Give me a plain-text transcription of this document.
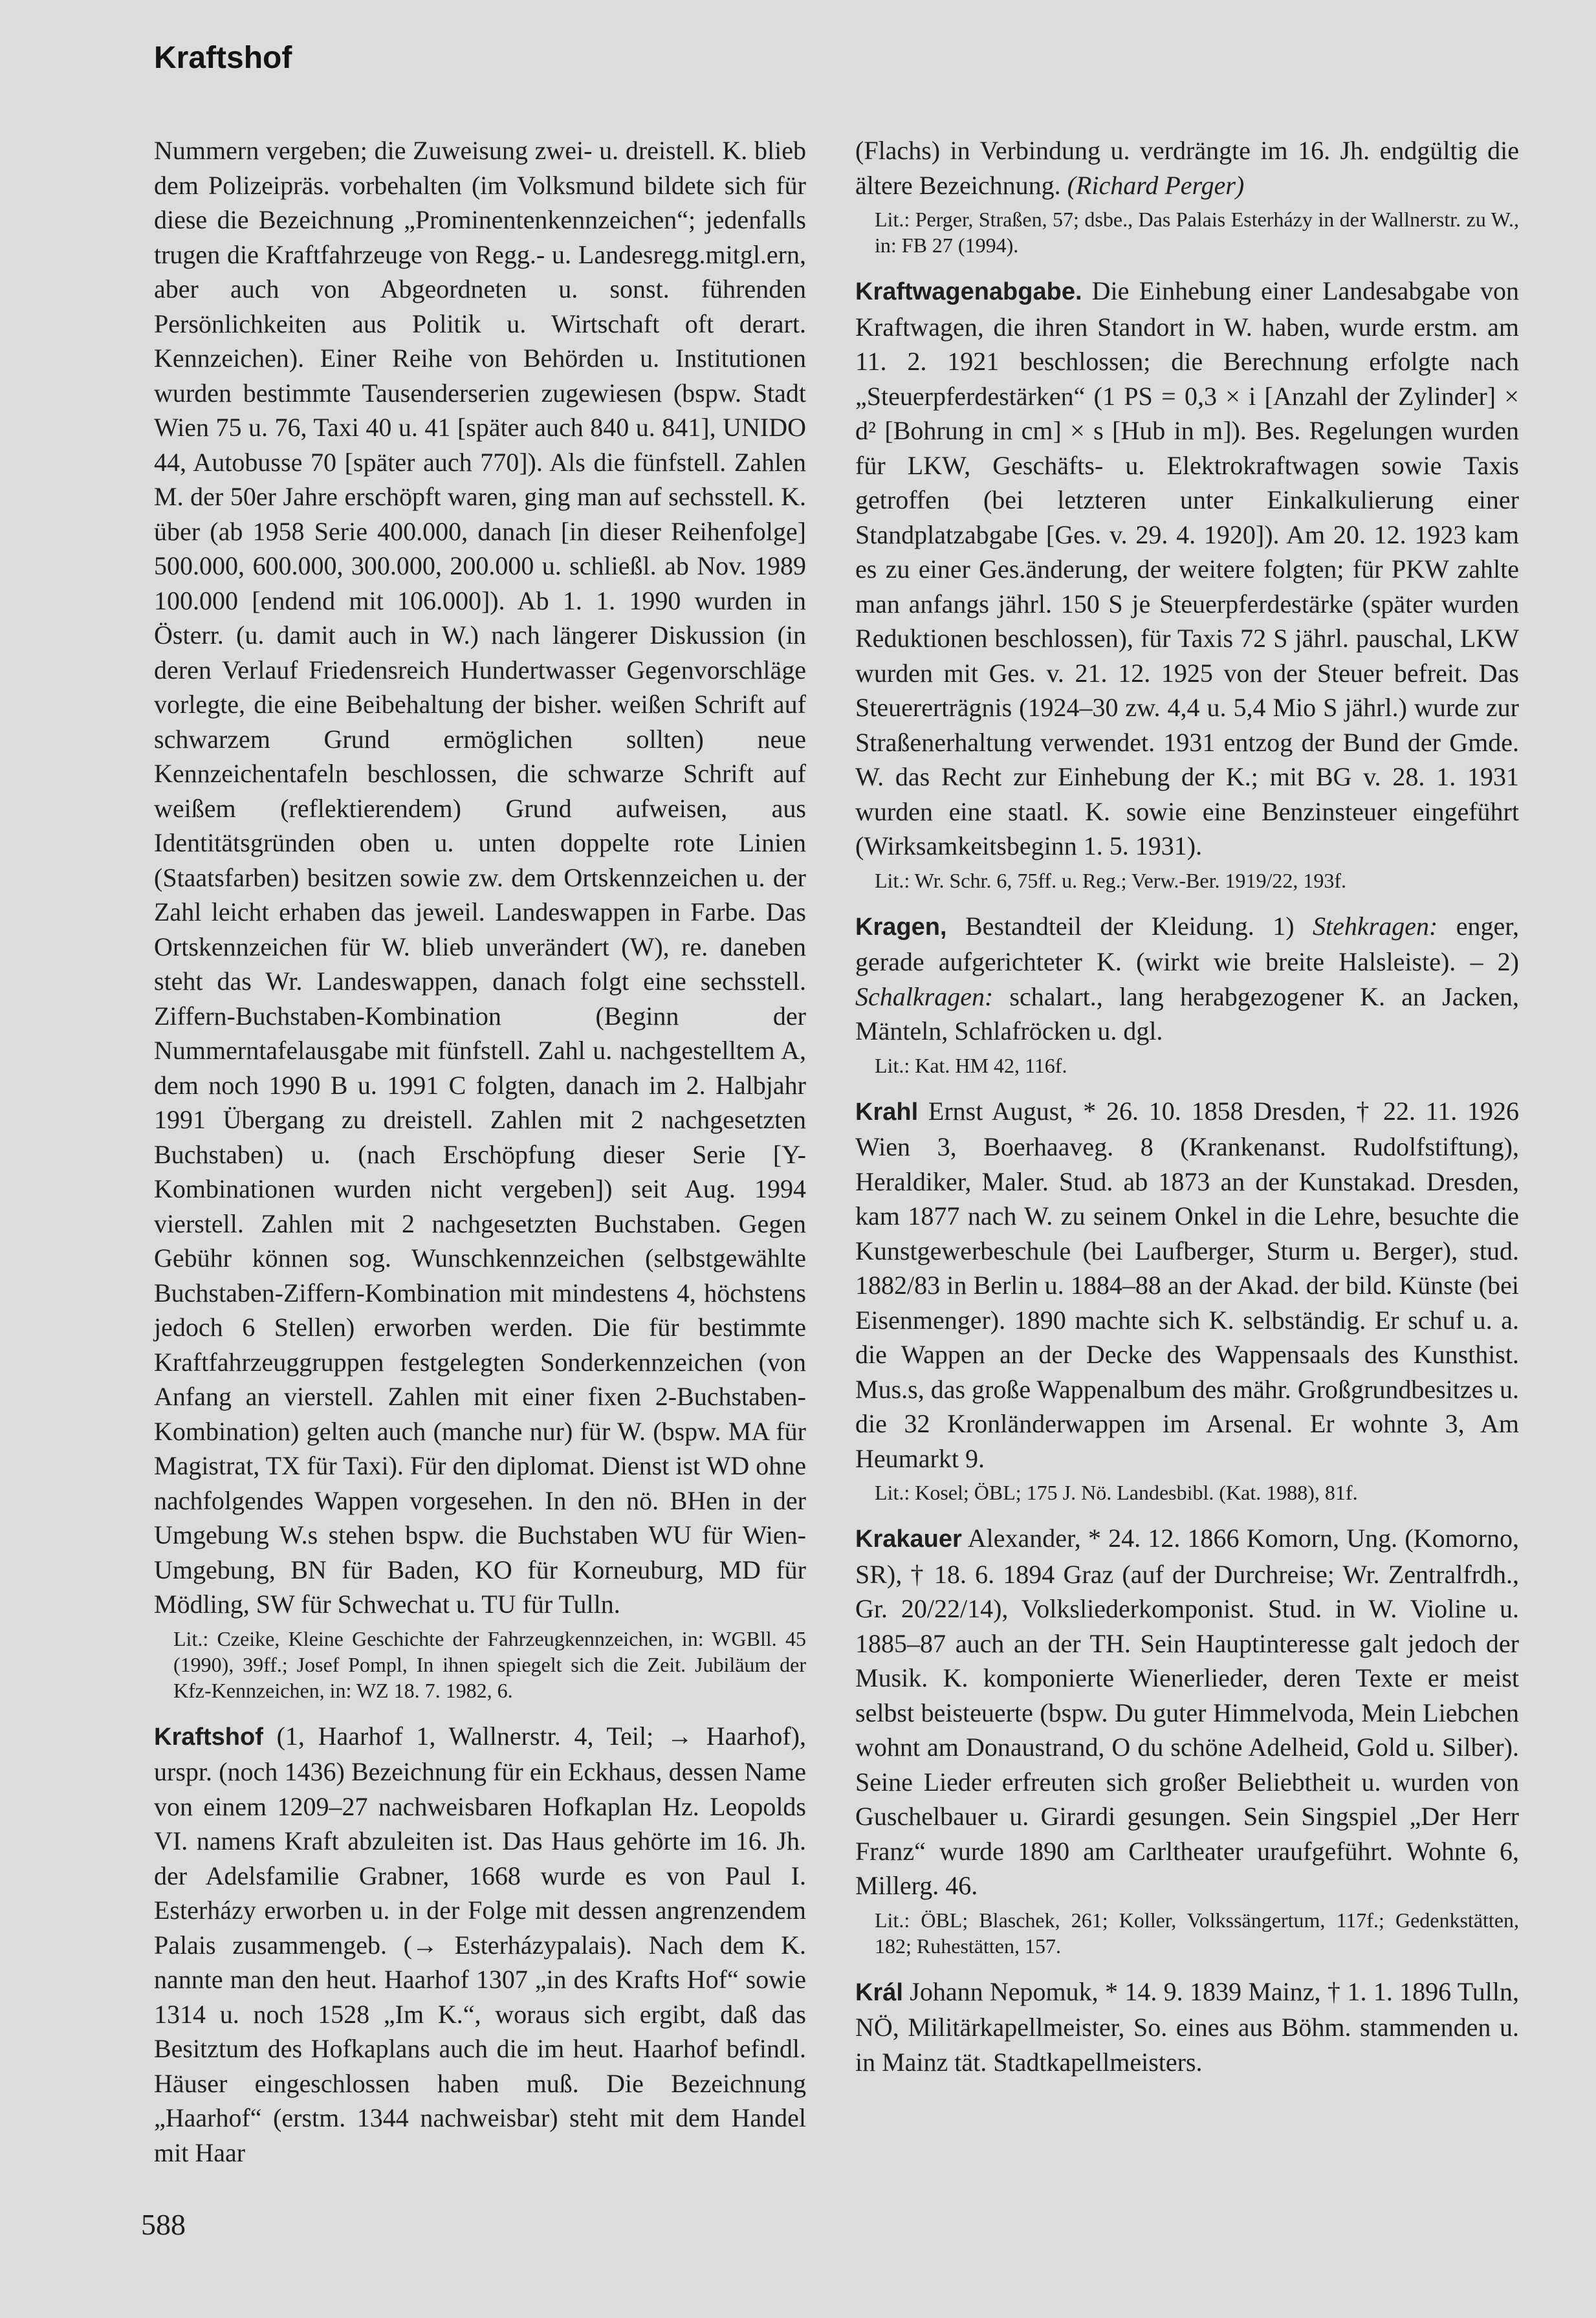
Kraftshof

Nummern vergeben; die Zuweisung zwei- u. dreistell. K. blieb dem Polizeipräs. vorbehalten (im Volksmund bildete sich für diese die Bezeichnung „Prominentenkennzeichen“; jedenfalls trugen die Kraftfahrzeuge von Regg.- u. Landesregg.mitgl.ern, aber auch von Abgeordneten u. sonst. führenden Persönlichkeiten aus Politik u. Wirtschaft oft derart. Kennzeichen). Einer Reihe von Behörden u. Institutionen wurden bestimmte Tausenderserien zugewiesen (bspw. Stadt Wien 75 u. 76, Taxi 40 u. 41 [später auch 840 u. 841], UNIDO 44, Autobusse 70 [später auch 770]). Als die fünfstell. Zahlen M. der 50er Jahre erschöpft waren, ging man auf sechsstell. K. über (ab 1958 Serie 400.000, danach [in dieser Reihenfolge] 500.000, 600.000, 300.000, 200.000 u. schließl. ab Nov. 1989 100.000 [endend mit 106.000]). Ab 1. 1. 1990 wurden in Österr. (u. damit auch in W.) nach längerer Diskussion (in deren Verlauf Friedensreich Hundertwasser Gegenvorschläge vorlegte, die eine Beibehaltung der bisher. weißen Schrift auf schwarzem Grund ermöglichen sollten) neue Kennzeichentafeln beschlossen, die schwarze Schrift auf weißem (reflektierendem) Grund aufweisen, aus Identitätsgründen oben u. unten doppelte rote Linien (Staatsfarben) besitzen sowie zw. dem Ortskennzeichen u. der Zahl leicht erhaben das jeweil. Landeswappen in Farbe. Das Ortskennzeichen für W. blieb unverändert (W), re. daneben steht das Wr. Landeswappen, danach folgt eine sechsstell. Ziffern-Buchstaben-Kombination (Beginn der Nummerntafelausgabe mit fünfstell. Zahl u. nachgestelltem A, dem noch 1990 B u. 1991 C folgten, danach im 2. Halbjahr 1991 Übergang zu dreistell. Zahlen mit 2 nachgesetzten Buchstaben) u. (nach Erschöpfung dieser Serie [Y-Kombinationen wurden nicht vergeben]) seit Aug. 1994 vierstell. Zahlen mit 2 nachgesetzten Buchstaben. Gegen Gebühr können sog. Wunschkennzeichen (selbstgewählte Buchstaben-Ziffern-Kombination mit mindestens 4, höchstens jedoch 6 Stellen) erworben werden. Die für bestimmte Kraftfahrzeuggruppen festgelegten Sonderkennzeichen (von Anfang an vierstell. Zahlen mit einer fixen 2-Buchstaben-Kombination) gelten auch (manche nur) für W. (bspw. MA für Magistrat, TX für Taxi). Für den diplomat. Dienst ist WD ohne nachfolgendes Wappen vorgesehen. In den nö. BHen in der Umgebung W.s stehen bspw. die Buchstaben WU für Wien-Umgebung, BN für Baden, KO für Korneuburg, MD für Mödling, SW für Schwechat u. TU für Tulln.

Lit.: Czeike, Kleine Geschichte der Fahrzeugkennzeichen, in: WGBll. 45 (1990), 39ff.; Josef Pompl, In ihnen spiegelt sich die Zeit. Jubiläum der Kfz-Kennzeichen, in: WZ 18. 7. 1982, 6.

Kraftshof (1, Haarhof 1, Wallnerstr. 4, Teil; → Haarhof), urspr. (noch 1436) Bezeichnung für ein Eckhaus, dessen Name von einem 1209–27 nachweisbaren Hofkaplan Hz. Leopolds VI. namens Kraft abzuleiten ist. Das Haus gehörte im 16. Jh. der Adelsfamilie Grabner, 1668 wurde es von Paul I. Esterházy erworben u. in der Folge mit dessen angrenzendem Palais zusammengeb. (→ Esterházypalais). Nach dem K. nannte man den heut. Haarhof 1307 „in des Krafts Hof“ sowie 1314 u. noch 1528 „Im K.“, woraus sich ergibt, daß das Besitztum des Hofkaplans auch die im heut. Haarhof befindl. Häuser eingeschlossen haben muß. Die Bezeichnung „Haarhof“ (erstm. 1344 nachweisbar) steht mit dem Handel mit Haar

(Flachs) in Verbindung u. verdrängte im 16. Jh. endgültig die ältere Bezeichnung. (Richard Perger)

Lit.: Perger, Straßen, 57; dsbe., Das Palais Esterházy in der Wallnerstr. zu W., in: FB 27 (1994).

Kraftwagenabgabe. Die Einhebung einer Landesabgabe von Kraftwagen, die ihren Standort in W. haben, wurde erstm. am 11. 2. 1921 beschlossen; die Berechnung erfolgte nach „Steuerpferdestärken“ (1 PS = 0,3 × i [Anzahl der Zylinder] × d² [Bohrung in cm] × s [Hub in m]). Bes. Regelungen wurden für LKW, Geschäfts- u. Elektrokraftwagen sowie Taxis getroffen (bei letzteren unter Einkalkulierung einer Standplatzabgabe [Ges. v. 29. 4. 1920]). Am 20. 12. 1923 kam es zu einer Ges.änderung, der weitere folgten; für PKW zahlte man anfangs jährl. 150 S je Steuerpferdestärke (später wurden Reduktionen beschlossen), für Taxis 72 S jährl. pauschal, LKW wurden mit Ges. v. 21. 12. 1925 von der Steuer befreit. Das Steuererträgnis (1924–30 zw. 4,4 u. 5,4 Mio S jährl.) wurde zur Straßenerhaltung verwendet. 1931 entzog der Bund der Gmde. W. das Recht zur Einhebung der K.; mit BG v. 28. 1. 1931 wurden eine staatl. K. sowie eine Benzinsteuer eingeführt (Wirksamkeitsbeginn 1. 5. 1931).

Lit.: Wr. Schr. 6, 75ff. u. Reg.; Verw.-Ber. 1919/22, 193f.

Kragen, Bestandteil der Kleidung. 1) Stehkragen: enger, gerade aufgerichteter K. (wirkt wie breite Halsleiste). – 2) Schalkragen: schalart., lang herabgezogener K. an Jacken, Mänteln, Schlafröcken u. dgl.

Lit.: Kat. HM 42, 116f.

Krahl Ernst August, * 26. 10. 1858 Dresden, † 22. 11. 1926 Wien 3, Boerhaaveg. 8 (Krankenanst. Rudolfstiftung), Heraldiker, Maler. Stud. ab 1873 an der Kunstakad. Dresden, kam 1877 nach W. zu seinem Onkel in die Lehre, besuchte die Kunstgewerbeschule (bei Laufberger, Sturm u. Berger), stud. 1882/83 in Berlin u. 1884–88 an der Akad. der bild. Künste (bei Eisenmenger). 1890 machte sich K. selbständig. Er schuf u. a. die Wappen an der Decke des Wappensaals des Kunsthist. Mus.s, das große Wappenalbum des mähr. Großgrundbesitzes u. die 32 Kronländerwappen im Arsenal. Er wohnte 3, Am Heumarkt 9.

Lit.: Kosel; ÖBL; 175 J. Nö. Landesbibl. (Kat. 1988), 81f.

Krakauer Alexander, * 24. 12. 1866 Komorn, Ung. (Komorno, SR), † 18. 6. 1894 Graz (auf der Durchreise; Wr. Zentralfrdh., Gr. 20/22/14), Volksliederkomponist. Stud. in W. Violine u. 1885–87 auch an der TH. Sein Hauptinteresse galt jedoch der Musik. K. komponierte Wienerlieder, deren Texte er meist selbst beisteuerte (bspw. Du guter Himmelvoda, Mein Liebchen wohnt am Donaustrand, O du schöne Adelheid, Gold u. Silber). Seine Lieder erfreuten sich großer Beliebtheit u. wurden von Guschelbauer u. Girardi gesungen. Sein Singspiel „Der Herr Franz“ wurde 1890 am Carltheater uraufgeführt. Wohnte 6, Millerg. 46.

Lit.: ÖBL; Blaschek, 261; Koller, Volkssängertum, 117f.; Gedenkstätten, 182; Ruhestätten, 157.

Král Johann Nepomuk, * 14. 9. 1839 Mainz, † 1. 1. 1896 Tulln, NÖ, Militärkapellmeister, So. eines aus Böhm. stammenden u. in Mainz tät. Stadtkapellmeisters.

588
